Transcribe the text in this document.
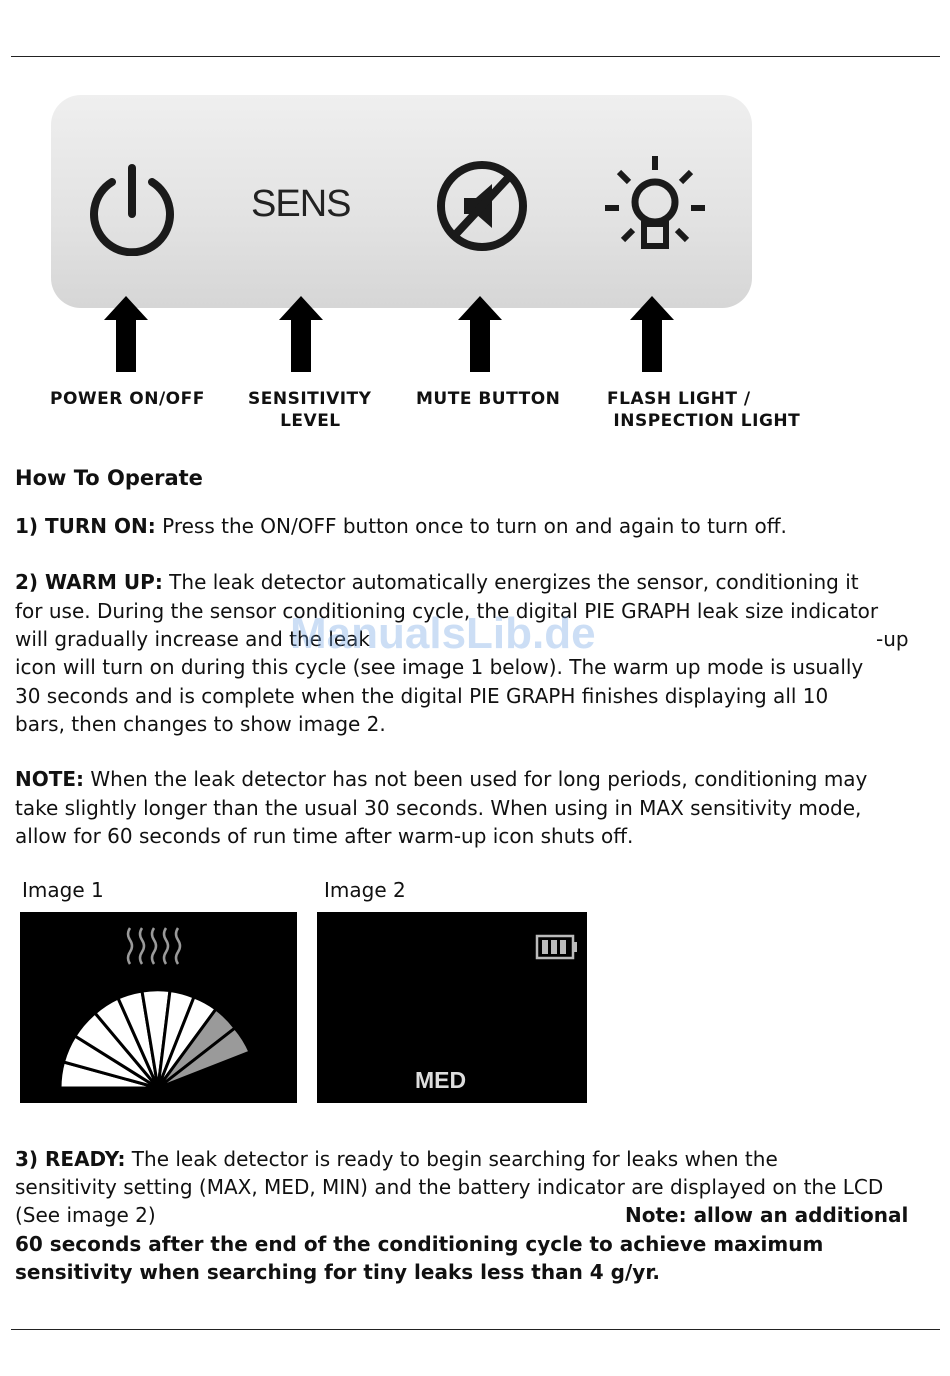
SENS
POWER ON/OFF	SENSITIVITY
LEVEL
MUTE BUTTON	FLASH LIGHT /
INSPECTION LIGHT
How To Operate
1) TURN ON: Press the ON/OFF button once to turn on and again to turn off.
2) WARM UP: The leak detector automatically energizes the sensor, conditioning it
for use. During the sensor conditioning cycle, the digital PIE GRAPH leak size indicator
will gradually increase and the leak	-up
icon will turn on during this cycle (see image 1 below). The warm up mode is usually
30 seconds and is complete when the digital PIE GRAPH finishes displaying all 10
bars, then changes to show image 2.
NOTE: When the leak detector has not been used for long periods, conditioning may
take slightly longer than the usual 30 seconds. When using in MAX sensitivity mode,
allow for 60 seconds of run time after warm-up icon shuts off.
Image 1	Image 2
MED
3) READY: The leak detector is ready to begin searching for leaks when the
sensitivity setting (MAX, MED, MIN) and the battery indicator are displayed on the LCD
(See image 2)	Note: allow an additional
60 seconds after the end of the conditioning cycle to achieve maximum
sensitivity when searching for tiny leaks less than 4 g/yr.
ManualsLib.de
